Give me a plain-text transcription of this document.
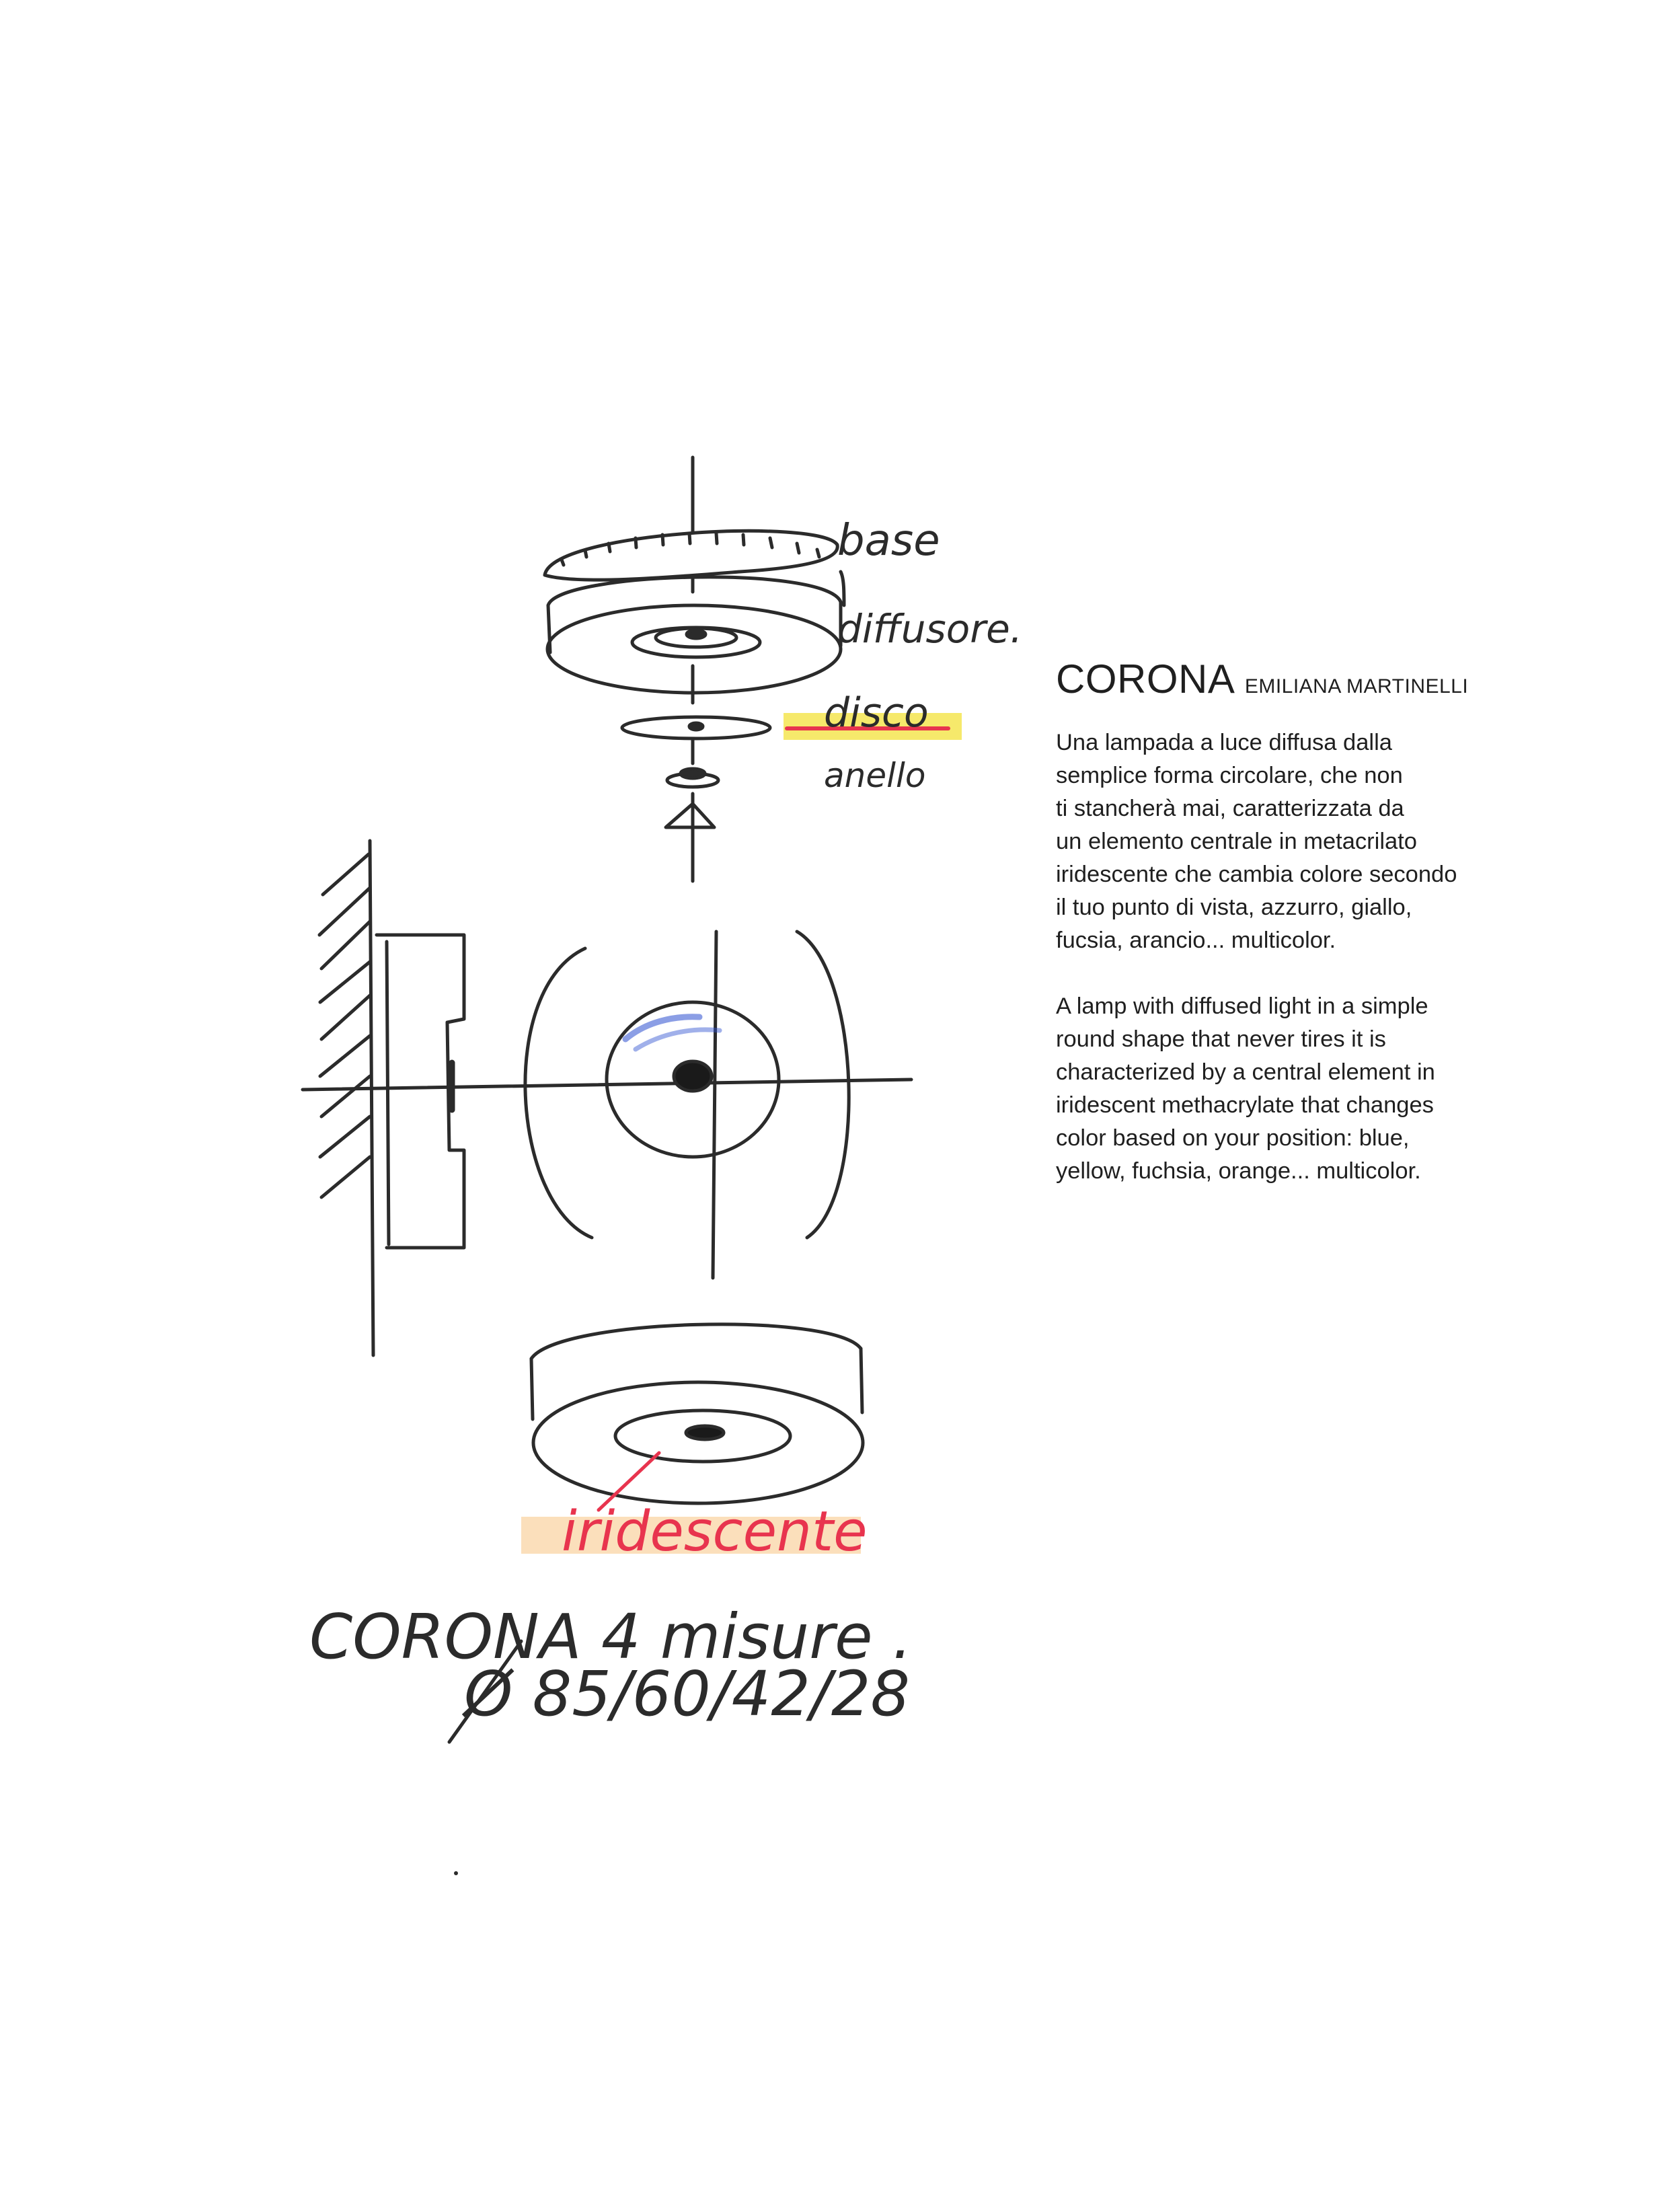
base
diffusore.
disco
anello
iridescente
CORONA 4 misure .
Ø 85/60/42/28
CORONA EMILIANA MARTINELLI

Una lampada a luce diffusa dalla
semplice forma circolare, che non
ti stancherà mai, caratterizzata da
un elemento centrale in metacrilato
iridescente che cambia colore secondo
il tuo punto di vista, azzurro, giallo,
fucsia, arancio... multicolor.

A lamp with diffused light in a simple
round shape that never tires it is
characterized by a central element in
iridescent methacrylate that changes
color based on your position: blue,
yellow, fuchsia, orange... multicolor.
